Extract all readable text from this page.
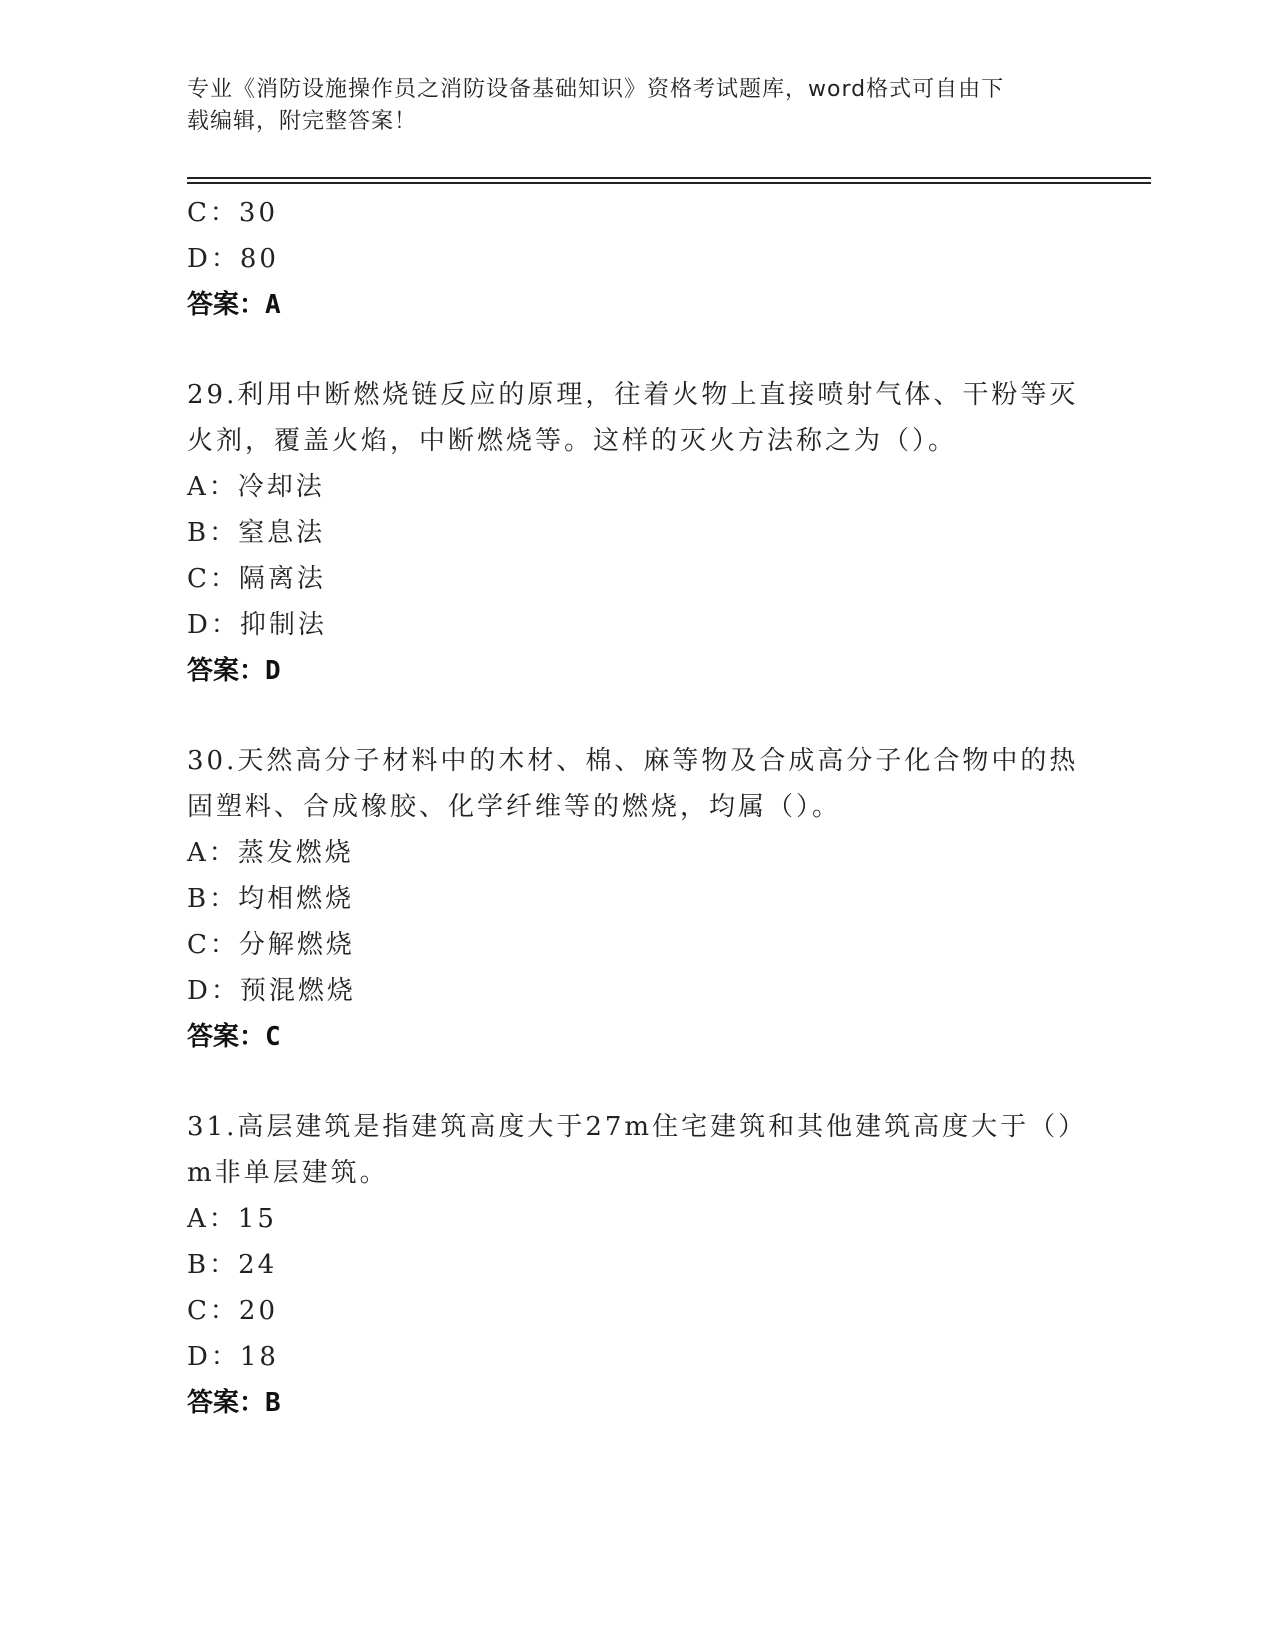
专业《消防设施操作员之消防设备基础知识》资格考试题库，word格式可自由下
载编辑，附完整答案！
C：30
D：80
答案：A
29.利用中断燃烧链反应的原理，往着火物上直接喷射气体、干粉等灭
火剂，覆盖火焰，中断燃烧等。这样的灭火方法称之为（）。
A：冷却法
B：窒息法
C：隔离法
D：抑制法
答案：D
30.天然高分子材料中的木材、棉、麻等物及合成高分子化合物中的热
固塑料、合成橡胶、化学纤维等的燃烧，均属（）。
A：蒸发燃烧
B：均相燃烧
C：分解燃烧
D：预混燃烧
答案：C
31.高层建筑是指建筑高度大于27m住宅建筑和其他建筑高度大于（）
m非单层建筑。
A：15
B：24
C：20
D：18
答案：B
